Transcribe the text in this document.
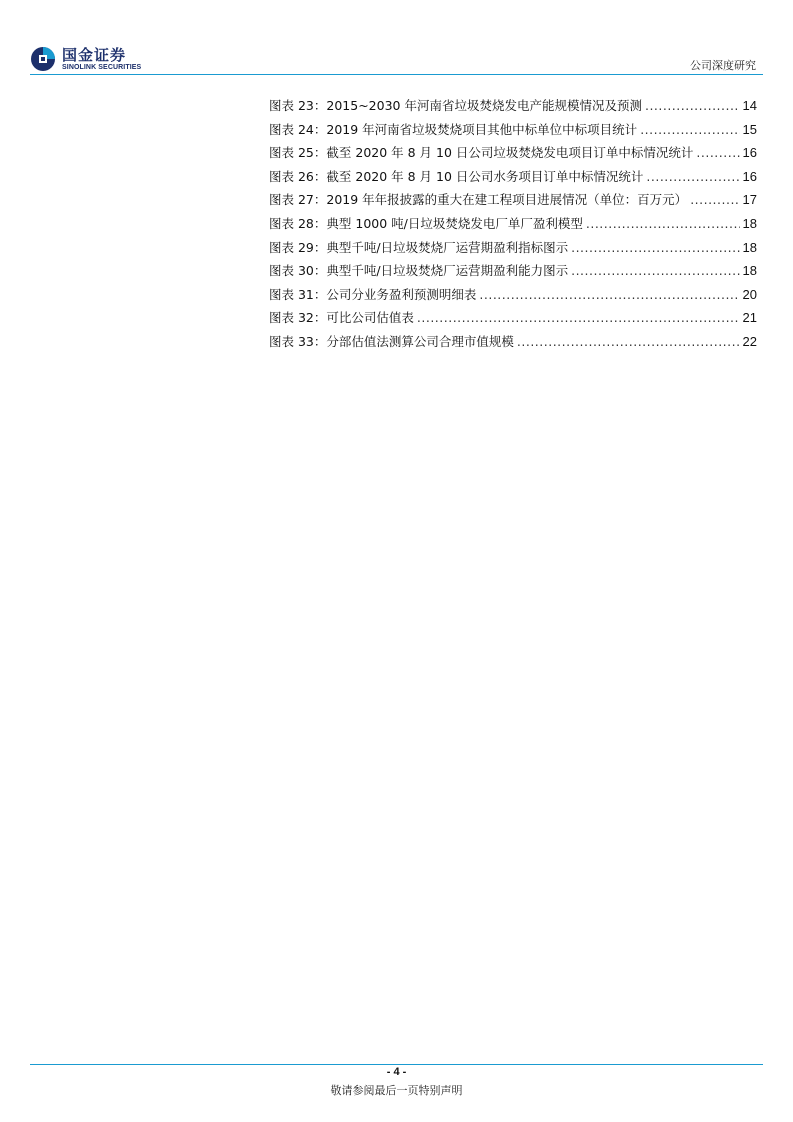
国金证券
SINOLINK SECURITIES	公司深度研究
图表 23： 2015~2030 年河南省垃圾焚烧发电产能规模情况及预测 .....	14
图表 24： 2019 年河南省垃圾焚烧项目其他中标单位中标项目统计 .....	15
图表 25： 截至 2020 年 8 月 10 日公司垃圾焚烧发电项目订单中标情况统计 .....	16
图表 26： 截至 2020 年 8 月 10 日公司水务项目订单中标情况统计 .....	16
图表 27： 2019 年年报披露的重大在建工程项目进展情况（单位：百万元） .....	17
图表 28： 典型 1000 吨/日垃圾焚烧发电厂单厂盈利模型 .....	18
图表 29： 典型千吨/日垃圾焚烧厂运营期盈利指标图示 .....	18
图表 30： 典型千吨/日垃圾焚烧厂运营期盈利能力图示 .....	18
图表 31： 公司分业务盈利预测明细表 .....	20
图表 32： 可比公司估值表 .....	21
图表 33： 分部估值法测算公司合理市值规模 .....	22
- 4 -
敬请参阅最后一页特别声明
